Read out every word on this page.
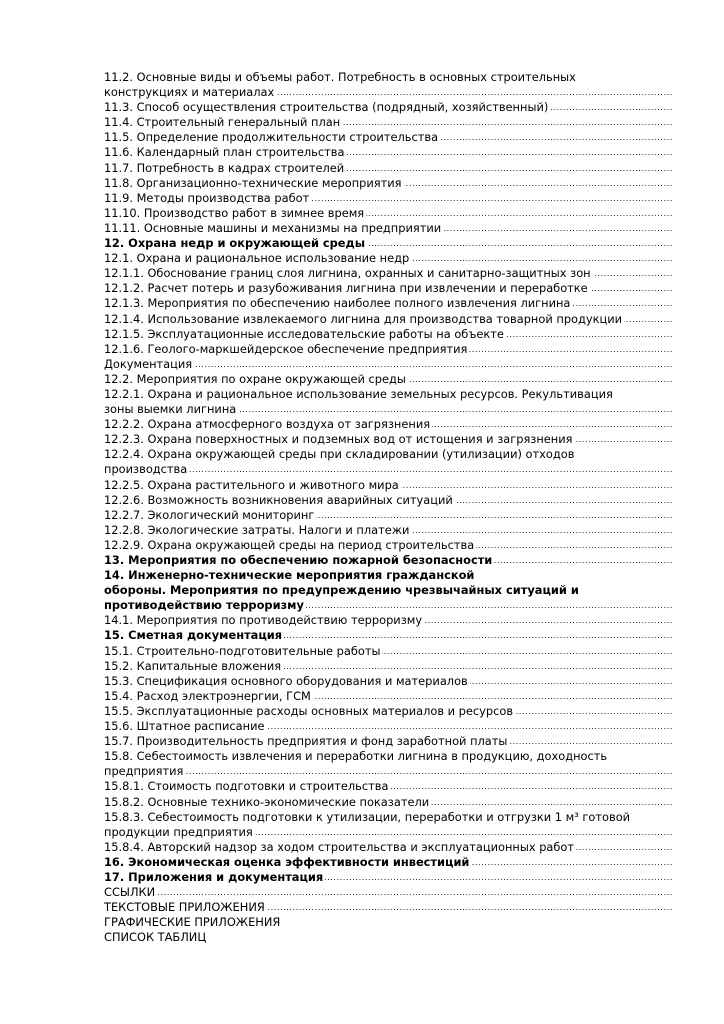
11.2. Основные виды и объемы работ. Потребность в основных строительных
конструкциях и материалах .....
11.3. Способ осуществления строительства (подрядный, хозяйственный) .....
11.4. Строительный генеральный план .....
11.5. Определение продолжительности строительства .....
11.6. Календарный план строительства .....
11.7. Потребность в кадрах строителей .....
11.8. Организационно-технические мероприятия .....
11.9. Методы производства работ .....
11.10. Производство работ в зимнее время .....
11.11. Основные машины и механизмы на предприятии .....
12. Охрана недр и окружающей среды .....
12.1. Охрана и рациональное использование недр .....
12.1.1. Обоснование границ слоя лигнина, охранных и санитарно-защитных зон .....
12.1.2. Расчет потерь и разубоживания лигнина при извлечении и переработке .....
12.1.3. Мероприятия по обеспечению наиболее полного извлечения лигнина .....
12.1.4. Использование извлекаемого лигнина для производства товарной продукции .....
12.1.5. Эксплуатационные исследовательские работы на объекте .....
12.1.6. Геолого-маркшейдерское обеспечение предприятия .....
Документация .....
12.2. Мероприятия по охране окружающей среды .....
12.2.1. Охрана и рациональное использование земельных ресурсов. Рекультивация
зоны выемки лигнина .....
12.2.2. Охрана атмосферного воздуха от загрязнения .....
12.2.3. Охрана поверхностных и подземных вод от истощения и загрязнения .....
12.2.4. Охрана окружающей среды при складировании (утилизации) отходов
производства .....
12.2.5. Охрана растительного и животного мира .....
12.2.6. Возможность возникновения аварийных ситуаций .....
12.2.7. Экологический мониторинг .....
12.2.8. Экологические затраты. Налоги и платежи .....
12.2.9. Охрана окружающей среды на период строительства .....
13. Мероприятия по обеспечению пожарной безопасности .....
14. Инженерно-технические мероприятия гражданской
обороны. Мероприятия по предупреждению чрезвычайных ситуаций и
противодействию терроризму .....
14.1. Мероприятия по противодействию терроризму .....
15. Сметная документация .....
15.1. Строительно-подготовительные работы .....
15.2. Капитальные вложения .....
15.3. Спецификация основного оборудования и материалов .....
15.4. Расход электроэнергии, ГСМ .....
15.5. Эксплуатационные расходы основных материалов и ресурсов .....
15.6. Штатное расписание .....
15.7. Производительность предприятия и фонд заработной платы .....
15.8. Себестоимость извлечения и переработки лигнина в продукцию, доходность
предприятия .....
15.8.1. Стоимость подготовки и строительства .....
15.8.2. Основные технико-экономические показатели .....
15.8.3. Себестоимость подготовки к утилизации, переработки и отгрузки 1 м³ готовой
продукции предприятия .....
15.8.4. Авторский надзор за ходом строительства и эксплуатационных работ .....
16. Экономическая оценка эффективности инвестиций .....
17. Приложения и документация .....
ССЫЛКИ .....
ТЕКСТОВЫЕ ПРИЛОЖЕНИЯ .....
ГРАФИЧЕСКИЕ ПРИЛОЖЕНИЯ
СПИСОК ТАБЛИЦ
